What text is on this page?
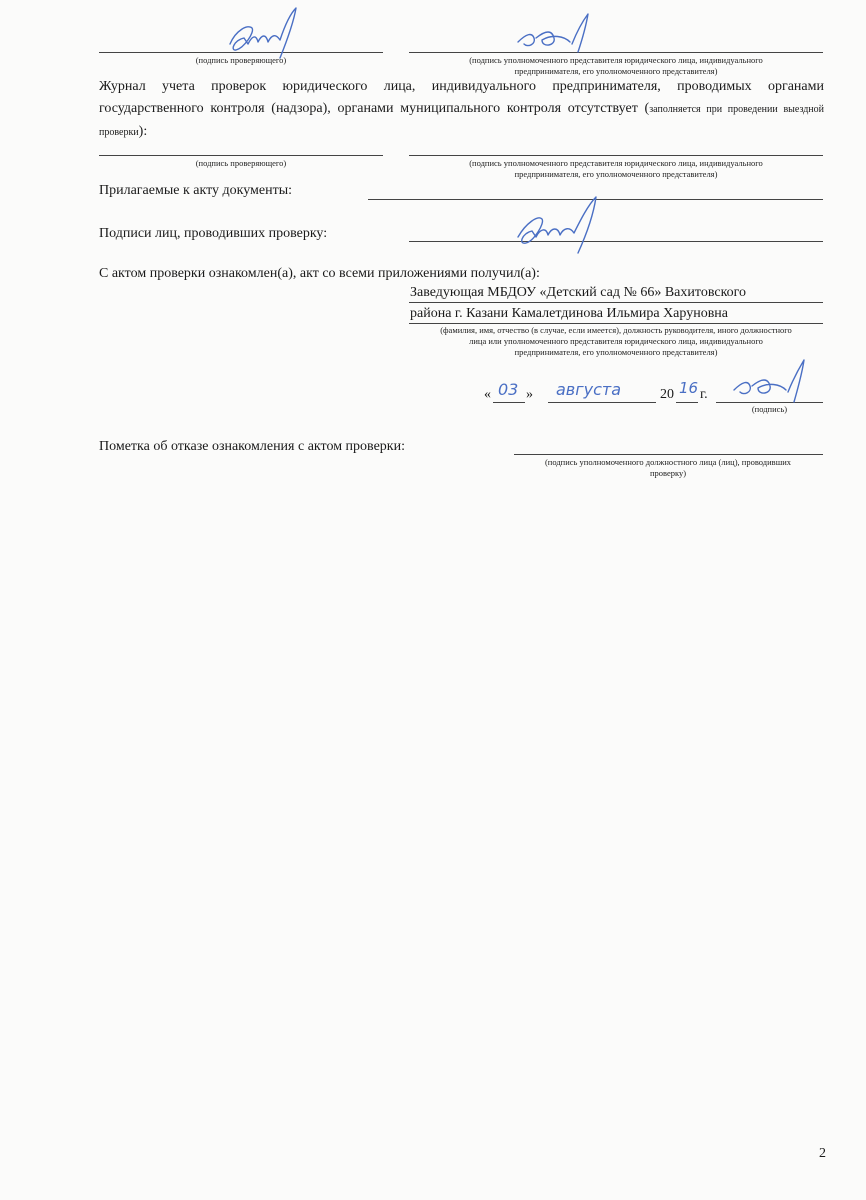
(подпись проверяющего)	(подпись уполномоченного представителя юридического лица, индивидуального
предпринимателя, его уполномоченного представителя)
Журнал учета проверок юридического лица, индивидуального предпринимателя, проводимых органами государственного контроля (надзора), органами муниципального контроля отсутствует (заполняется при проведении выездной проверки):
(подпись проверяющего)	(подпись уполномоченного представителя юридического лица, индивидуального
предпринимателя, его уполномоченного представителя)
Прилагаемые к акту документы:
Подписи лиц, проводивших проверку:
С актом проверки ознакомлен(а), акт со всеми приложениями получил(а):
Заведующая МБДОУ «Детский сад № 66» Вахитовского
района г. Казани Камалетдинова Ильмира Харуновна
(фамилия, имя, отчество (в случае, если имеется), должность руководителя, иного должностного
лица или уполномоченного представителя юридического лица, индивидуального
предпринимателя, его уполномоченного представителя)
« 03 » августа	20 16 г.
(подпись)
Пометка об отказе ознакомления с актом проверки:
(подпись уполномоченного должностного лица (лиц), проводивших
проверку)
2
